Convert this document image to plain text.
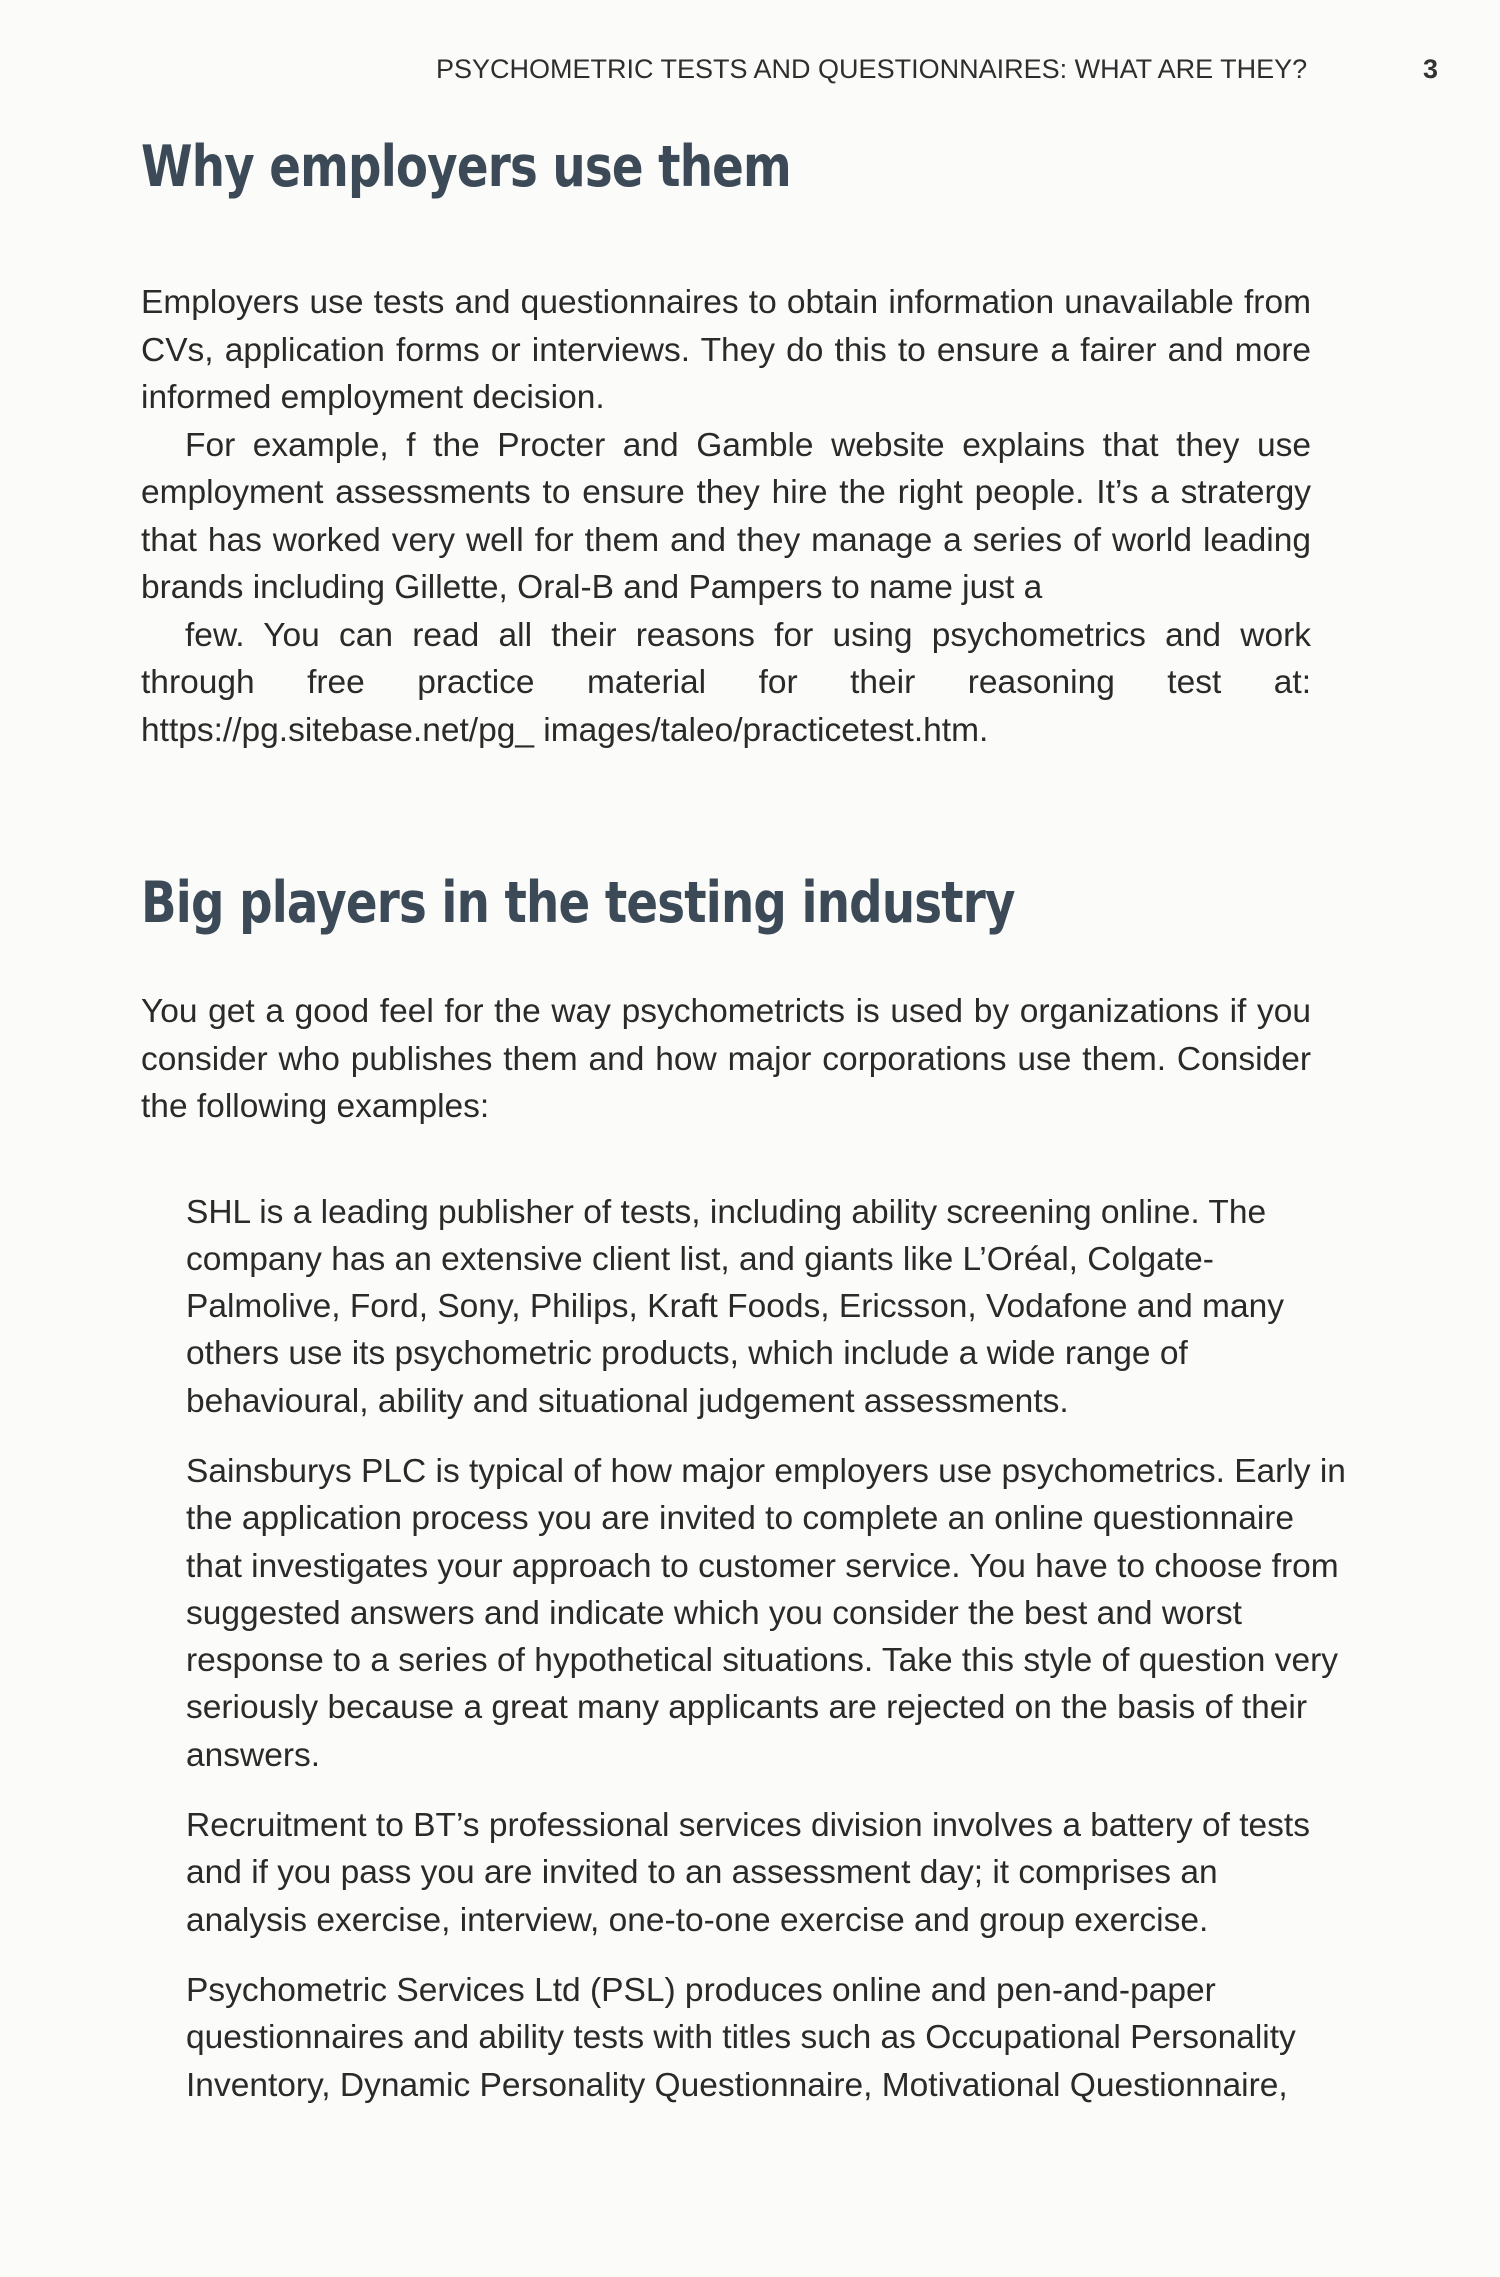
PSYCHOMETRIC TESTS AND QUESTIONNAIRES: WHAT ARE THEY?	3
Why employers use them

Employers use tests and questionnaires to obtain information unavailable from CVs, application forms or interviews. They do this to ensure a fairer and more informed employment decision.

For example, f the Procter and Gamble website explains that they use employment assessments to ensure they hire the right people. It’s a stratergy that has worked very well for them and they manage a series of world leading brands including Gillette, Oral-B and Pampers to name just a

few. You can read all their reasons for using psychometrics and work through free practice material for their reasoning test at: https://pg.sitebase.net/pg_ images/taleo/practicetest.htm.

Big players in the testing industry

You get a good feel for the way psychometricts is used by organizations if you consider who publishes them and how major corporations use them. Consider the following examples:

SHL is a leading publisher of tests, including ability screening online. The company has an extensive client list, and giants like L’Oréal, Colgate-Palmolive, Ford, Sony, Philips, Kraft Foods, Ericsson, Vodafone and many others use its psychometric products, which include a wide range of behavioural, ability and situational judgement assessments.

Sainsburys PLC is typical of how major employers use psychometrics. Early in the application process you are invited to complete an online questionnaire that investigates your approach to customer service. You have to choose from suggested answers and indicate which you consider the best and worst response to a series of hypothetical situations. Take this style of question very seriously because a great many applicants are rejected on the basis of their answers.

Recruitment to BT’s professional services division involves a battery of tests and if you pass you are invited to an assessment day; it comprises an analysis exercise, interview, one-to-one exercise and group exercise.

Psychometric Services Ltd (PSL) produces online and pen-and-paper questionnaires and ability tests with titles such as Occupational Personality Inventory, Dynamic Personality Questionnaire, Motivational Questionnaire,
